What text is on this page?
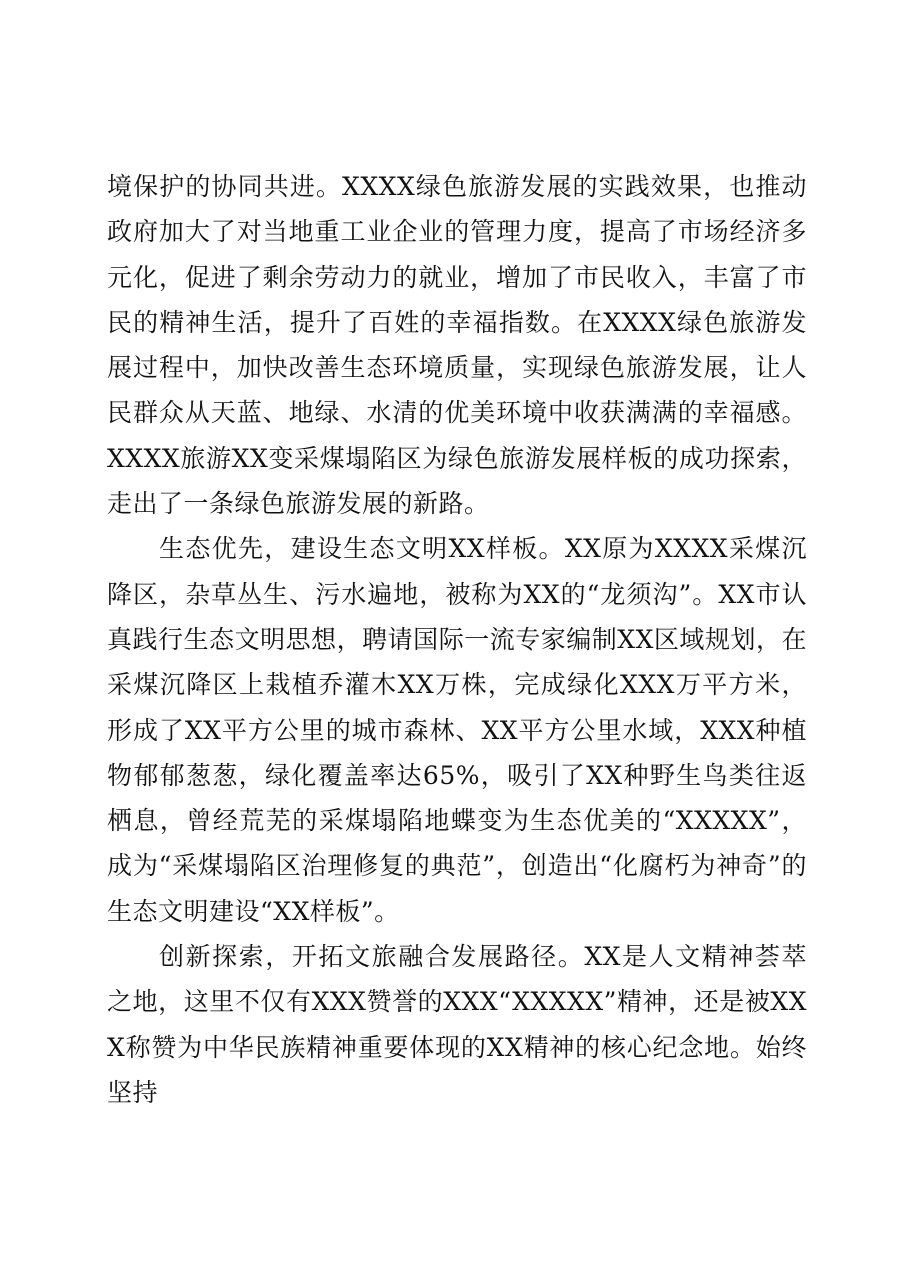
境保护的协同共进。XXXX绿色旅游发展的实践效果，也推动政府加大了对当地重工业企业的管理力度，提高了市场经济多元化，促进了剩余劳动力的就业，增加了市民收入，丰富了市民的精神生活，提升了百姓的幸福指数。在XXXX绿色旅游发展过程中，加快改善生态环境质量，实现绿色旅游发展，让人民群众从天蓝、地绿、水清的优美环境中收获满满的幸福感。XXXX旅游XX变采煤塌陷区为绿色旅游发展样板的成功探索，走出了一条绿色旅游发展的新路。

生态优先，建设生态文明XX样板。XX原为XXXX采煤沉降区，杂草丛生、污水遍地，被称为XX的“龙须沟”。XX市认真践行生态文明思想，聘请国际一流专家编制XX区域规划，在采煤沉降区上栽植乔灌木XX万株，完成绿化XXX万平方米，形成了XX平方公里的城市森林、XX平方公里水域，XXX种植物郁郁葱葱，绿化覆盖率达65%，吸引了XX种野生鸟类往返栖息，曾经荒芜的采煤塌陷地蝶变为生态优美的“XXXXX”，成为“采煤塌陷区治理修复的典范”，创造出“化腐朽为神奇”的生态文明建设“XX样板”。

创新探索，开拓文旅融合发展路径。XX是人文精神荟萃之地，这里不仅有XXX赞誉的XXX“XXXXX”精神，还是被XXX称赞为中华民族精神重要体现的XX精神的核心纪念地。始终坚持
